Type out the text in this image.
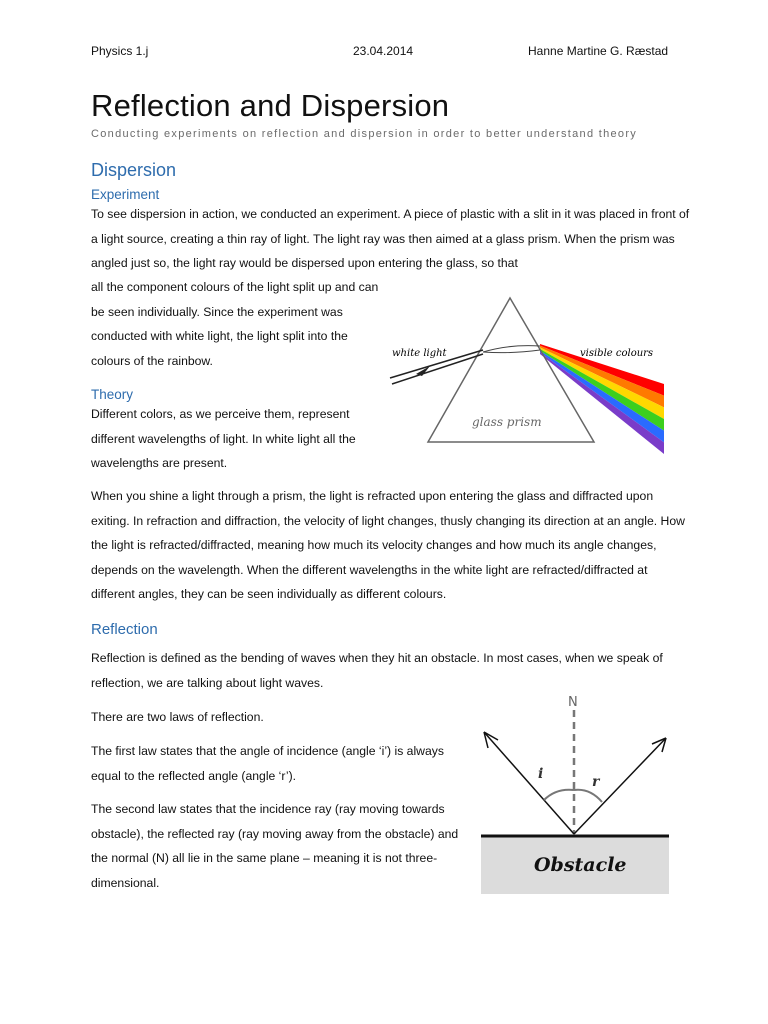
Physics 1.j	23.04.2014	Hanne Martine G. Ræstad
Reflection and Dispersion
Conducting experiments on reflection and dispersion in order to better understand theory
Dispersion
Experiment

To see dispersion in action, we conducted an experiment. A piece of plastic with a slit in it was placed in front of a light source, creating a thin ray of light. The light ray was then aimed at a glass prism. When the prism was angled just so, the light ray would be dispersed upon entering the glass, so that

all the component colours of the light split up and can be seen individually. Since the experiment was conducted with white light, the light split into the colours of the rainbow.

Theory

Different colors, as we perceive them, represent different wavelengths of light. In white light all the wavelengths are present.

white light	visible colours
glass prism

When you shine a light through a prism, the light is refracted upon entering the glass and diffracted upon exiting. In refraction and diffraction, the velocity of light changes, thusly changing its direction at an angle. How the light is refracted/diffracted, meaning how much its velocity changes and how much its angle changes, depends on the wavelength. When the different wavelengths in the white light are refracted/diffracted at different angles, they can be seen individually as different colours.

Reflection

Reflection is defined as the bending of waves when they hit an obstacle. In most cases, when we speak of reflection, we are talking about light waves.

There are two laws of reflection.

The first law states that the angle of incidence (angle ‘i’) is always equal to the reflected angle (angle ‘r’).

The second law states that the incidence ray (ray moving towards obstacle), the reflected ray (ray moving away from the obstacle) and the normal (N) all lie in the same plane – meaning it is not three-dimensional.

Obstacle
N
i	r
